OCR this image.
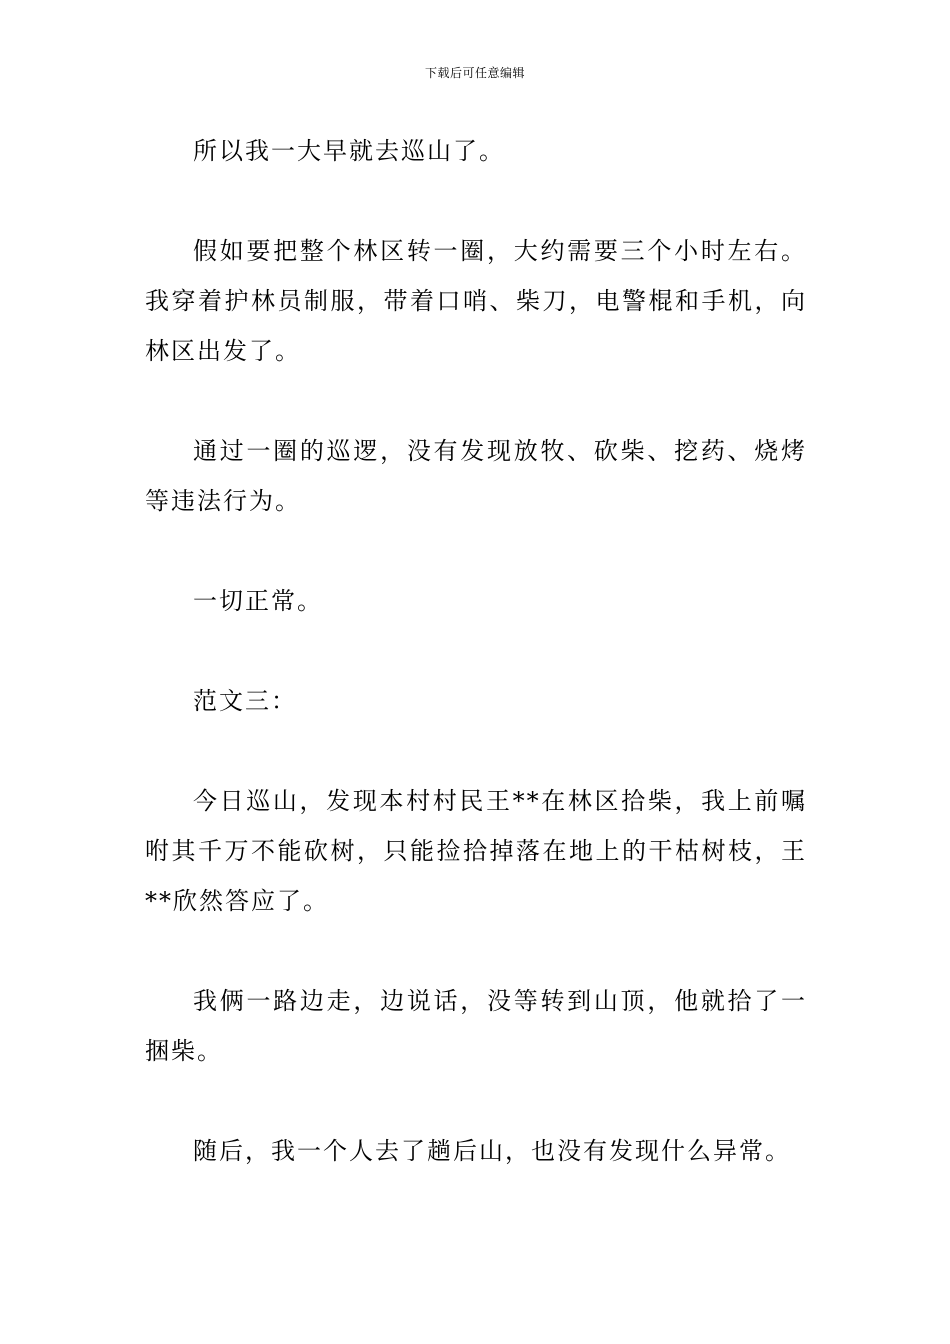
下载后可任意编辑

所以我一大早就去巡山了。

假如要把整个林区转一圈，大约需要三个小时左右。我穿着护林员制服，带着口哨、柴刀，电警棍和手机，向林区出发了。

通过一圈的巡逻，没有发现放牧、砍柴、挖药、烧烤等违法行为。

一切正常。

范文三：

今日巡山，发现本村村民王**在林区拾柴，我上前嘱咐其千万不能砍树，只能捡拾掉落在地上的干枯树枝，王**欣然答应了。

我俩一路边走，边说话，没等转到山顶，他就拾了一捆柴。

随后，我一个人去了趟后山，也没有发现什么异常。
